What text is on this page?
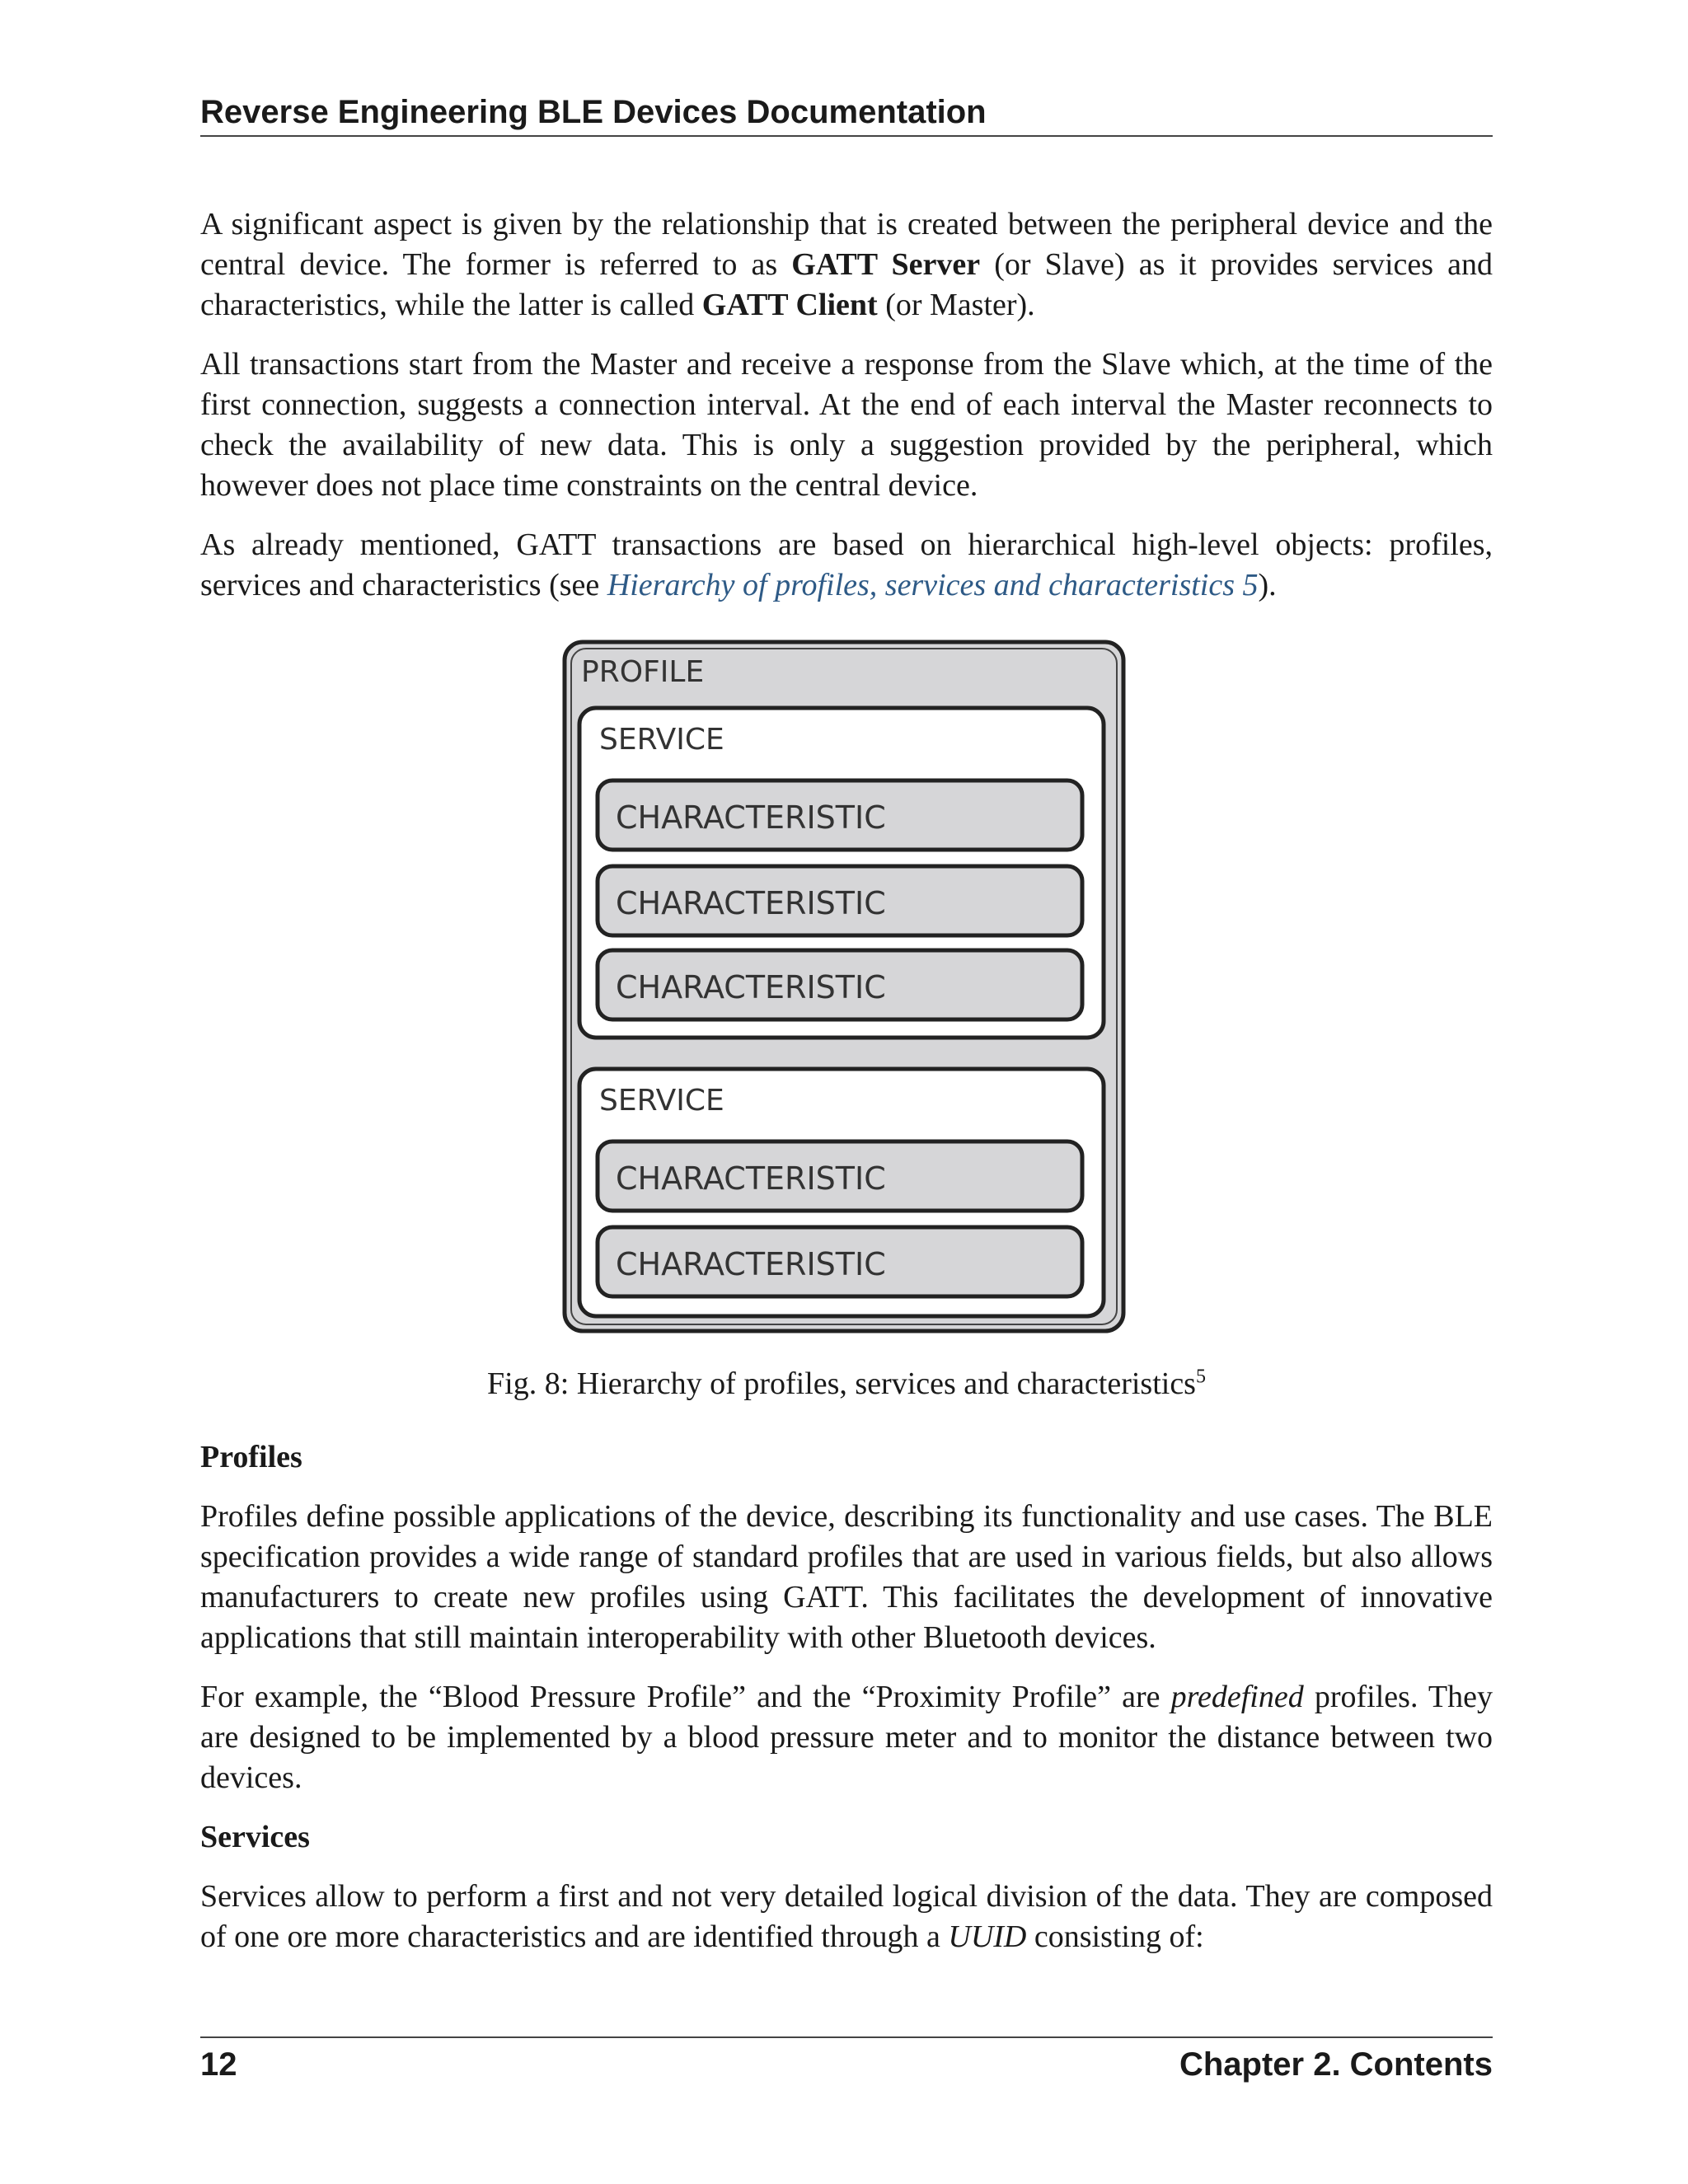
Reverse Engineering BLE Devices Documentation

A significant aspect is given by the relationship that is created between the peripheral device and the central device. The former is referred to as GATT Server (or Slave) as it provides services and characteristics, while the latter is called GATT Client (or Master).

All transactions start from the Master and receive a response from the Slave which, at the time of the first connection, suggests a connection interval. At the end of each interval the Master reconnects to check the availability of new data. This is only a suggestion provided by the peripheral, which however does not place time constraints on the central device.

As already mentioned, GATT transactions are based on hierarchical high-level objects: profiles, services and characteristics (see Hierarchy of profiles, services and characteristics 5).

PROFILE
SERVICE
CHARACTERISTIC
CHARACTERISTIC
CHARACTERISTIC
SERVICE
CHARACTERISTIC
CHARACTERISTIC
Fig. 8: Hierarchy of profiles, services and characteristics$^5$
Profiles

Profiles define possible applications of the device, describing its functionality and use cases. The BLE specification provides a wide range of standard profiles that are used in various fields, but also allows manufacturers to create new profiles using GATT. This facilitates the development of innovative applications that still maintain interoperability with other Bluetooth devices.

For example, the “Blood Pressure Profile” and the “Proximity Profile” are predefined profiles. They are designed to be implemented by a blood pressure meter and to monitor the distance between two devices.

Services

Services allow to perform a first and not very detailed logical division of the data. They are composed of one ore more characteristics and are identified through a UUID consisting of:

12	Chapter 2. Contents
